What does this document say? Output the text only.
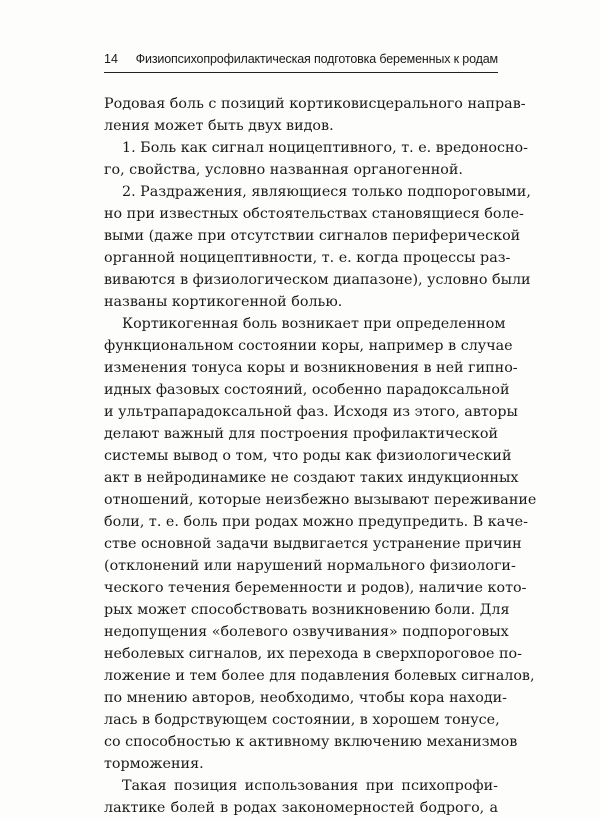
14 Физиопсихопрофилактическая подготовка беременных к родам
Родовая боль с позиций кортиковисцерального направ-
ления может быть двух видов.
1. Боль как сигнал ноцицептивного, т. е. вредоносно-
го, свойства, условно названная органогенной.
2. Раздражения, являющиеся только подпороговыми,
но при известных обстоятельствах становящиеся боле-
выми (даже при отсутствии сигналов периферической
органной ноцицептивности, т. е. когда процессы раз-
виваются в физиологическом диапазоне), условно были
названы кортикогенной болью.
Кортикогенная боль возникает при определенном
функциональном состоянии коры, например в случае
изменения тонуса коры и возникновения в ней гипно-
идных фазовых состояний, особенно парадоксальной
и ультрапарадоксальной фаз. Исходя из этого, авторы
делают важный для построения профилактической
системы вывод о том, что роды как физиологический
акт в нейродинамике не создают таких индукционных
отношений, которые неизбежно вызывают переживание
боли, т. е. боль при родах можно предупредить. В каче-
стве основной задачи выдвигается устранение причин
(отклонений или нарушений нормального физиологи-
ческого течения беременности и родов), наличие кото-
рых может способствовать возникновению боли. Для
недопущения «болевого озвучивания» подпороговых
неболевых сигналов, их перехода в сверхпороговое по-
ложение и тем более для подавления болевых сигналов,
по мнению авторов, необходимо, чтобы кора находи-
лась в бодрствующем состоянии, в хорошем тонусе,
со способностью к активному включению механизмов
торможения.
Такая позиция использования при психопрофи-
лактике болей в родах закономерностей бодрого, а
